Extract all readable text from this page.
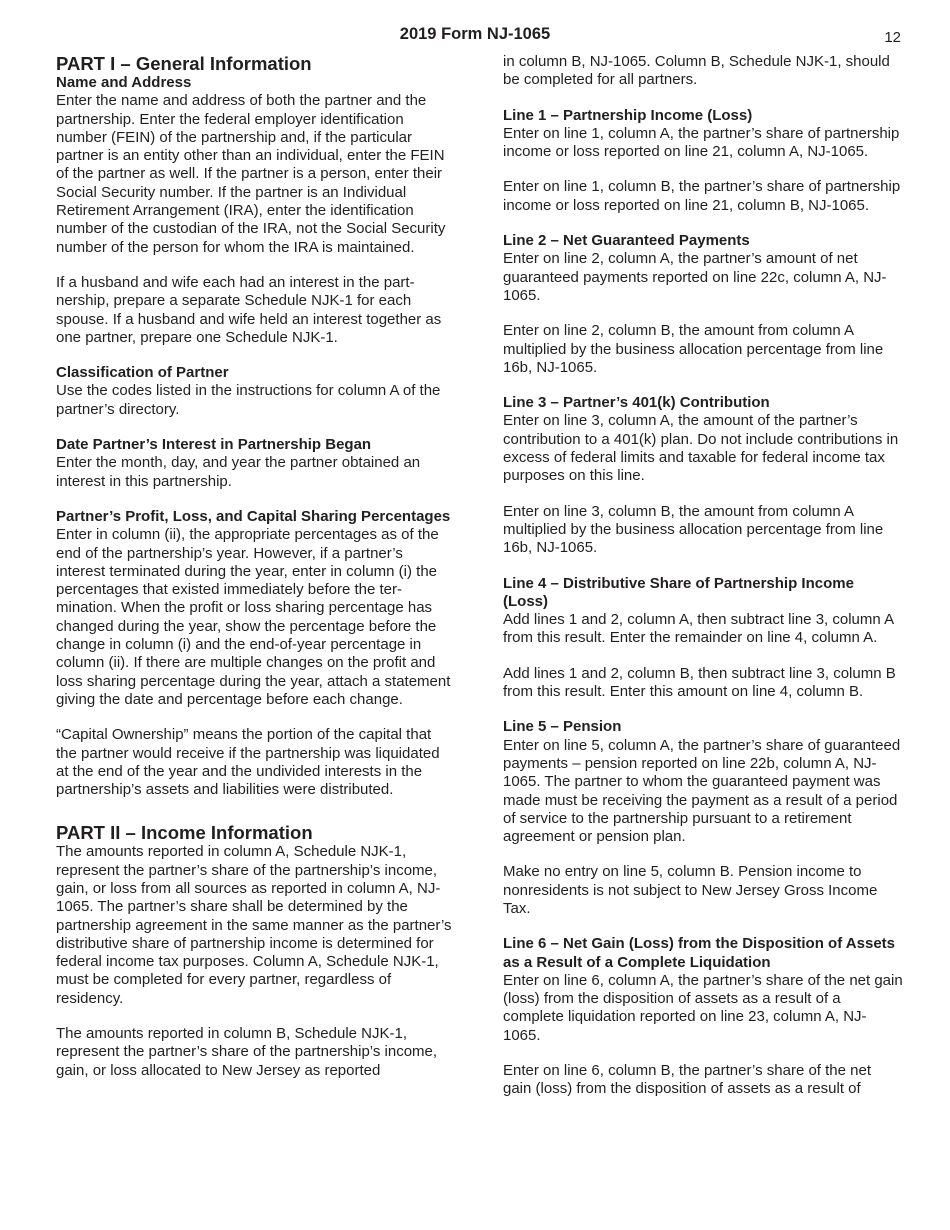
2019 Form NJ-1065	12
PART I – General Information
Name and Address

Enter the name and address of both the partner and the partnership. Enter the federal employer identification number (FEIN) of the partnership and, if the particular partner is an entity other than an individual, enter the FEIN of the partner as well. If the partner is a person, enter their Social Security number. If the partner is an Individual Retirement Arrangement (IRA), enter the identification number of the custodian of the IRA, not the Social Security number of the person for whom the IRA is maintained.

If a husband and wife each had an interest in the partnership, prepare a separate Schedule NJK-1 for each spouse. If a husband and wife held an interest together as one partner, prepare one Schedule NJK-1.

Classification of Partner

Use the codes listed in the instructions for column A of the partner’s directory.

Date Partner’s Interest in Partnership Began

Enter the month, day, and year the partner obtained an interest in this partnership.

Partner’s Profit, Loss, and Capital Sharing Percentages

Enter in column (ii), the appropriate percentages as of the end of the partnership’s year. However, if a partner’s interest terminated during the year, enter in column (i) the percentages that existed immediately before the termination. When the profit or loss sharing percentage has changed during the year, show the percentage before the change in column (i) and the end-of-year percentage in column (ii). If there are multiple changes on the profit and loss sharing percentage during the year, attach a statement giving the date and percentage before each change.

“Capital Ownership” means the portion of the capital that the partner would receive if the partnership was liquidated at the end of the year and the undivided interests in the partnership’s assets and liabilities were distributed.

PART II – Income Information

The amounts reported in column A, Schedule NJK-1, represent the partner’s share of the partnership’s income, gain, or loss from all sources as reported in column A, NJ-1065. The partner’s share shall be determined by the partnership agreement in the same manner as the partner’s distributive share of partnership income is determined for federal income tax purposes. Column A, Schedule NJK-1, must be completed for every partner, regardless of residency.

The amounts reported in column B, Schedule NJK-1, represent the partner’s share of the partnership’s income, gain, or loss allocated to New Jersey as reported

in column B, NJ-1065. Column B, Schedule NJK-1, should be completed for all partners.

Line 1 – Partnership Income (Loss)

Enter on line 1, column A, the partner’s share of partnership income or loss reported on line 21, column A, NJ-1065.

Enter on line 1, column B, the partner’s share of partnership income or loss reported on line 21, column B, NJ-1065.

Line 2 – Net Guaranteed Payments

Enter on line 2, column A, the partner’s amount of net guaranteed payments reported on line 22c, column A, NJ-1065.

Enter on line 2, column B, the amount from column A multiplied by the business allocation percentage from line 16b, NJ-1065.

Line 3 – Partner’s 401(k) Contribution

Enter on line 3, column A, the amount of the partner’s contribution to a 401(k) plan. Do not include contributions in excess of federal limits and taxable for federal income tax purposes on this line.

Enter on line 3, column B, the amount from column A multiplied by the business allocation percentage from line 16b, NJ-1065.

Line 4 – Distributive Share of Partnership Income (Loss)

Add lines 1 and 2, column A, then subtract line 3, column A from this result. Enter the remainder on line 4, column A.

Add lines 1 and 2, column B, then subtract line 3, column B from this result. Enter this amount on line 4, column B.

Line 5 – Pension

Enter on line 5, column A, the partner’s share of guaranteed payments – pension reported on line 22b, column A, NJ-1065. The partner to whom the guaranteed payment was made must be receiving the payment as a result of a period of service to the partnership pursuant to a retirement agreement or pension plan.

Make no entry on line 5, column B. Pension income to nonresidents is not subject to New Jersey Gross Income Tax.

Line 6 – Net Gain (Loss) from the Disposition of Assets as a Result of a Complete Liquidation

Enter on line 6, column A, the partner’s share of the net gain (loss) from the disposition of assets as a result of a complete liquidation reported on line 23, column A, NJ-1065.

Enter on line 6, column B, the partner’s share of the net gain (loss) from the disposition of assets as a result of
